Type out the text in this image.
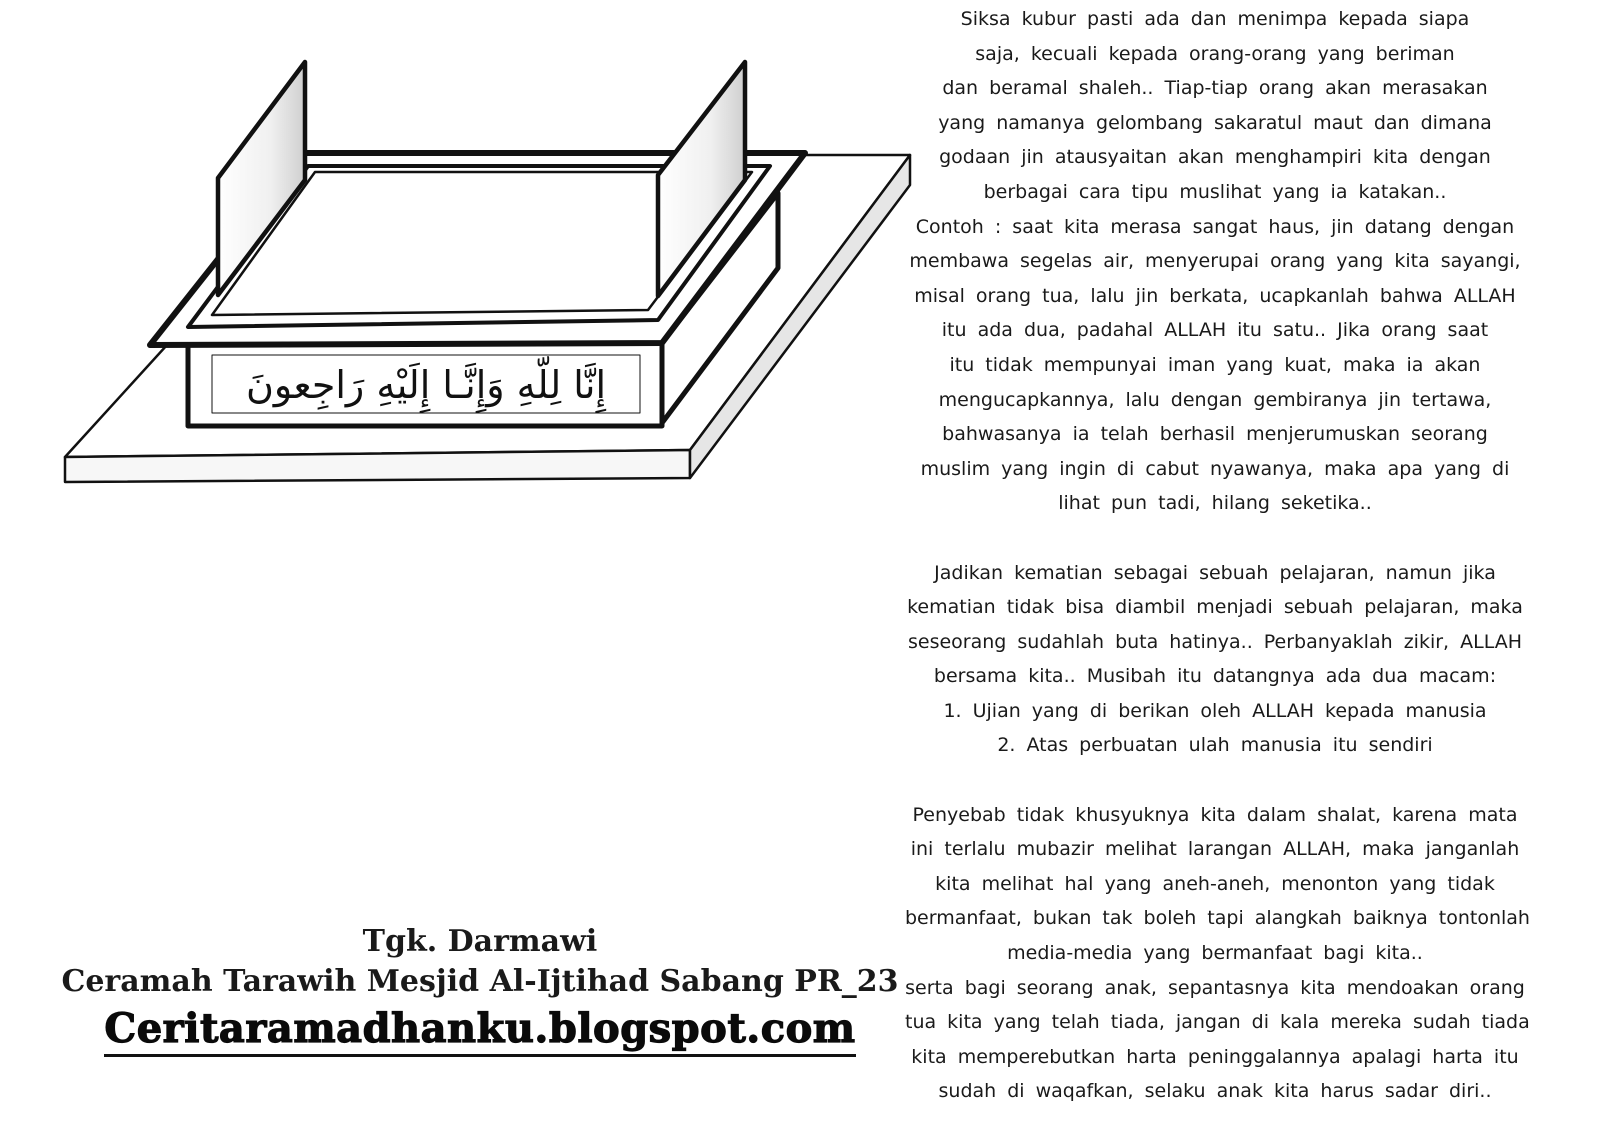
إِنَّا لِلّهِ وَإِنَّـا إِلَيْهِ رَاجِعونَ

Siksa kubur pasti ada dan menimpa kepada siapa
saja, kecuali kepada orang-orang yang beriman
dan beramal shaleh.. Tiap-tiap orang akan merasakan
yang namanya gelombang sakaratul maut dan dimana
godaan jin atausyaitan akan menghampiri kita dengan
berbagai cara tipu muslihat yang ia katakan..
Contoh : saat kita merasa sangat haus, jin datang dengan
membawa segelas air, menyerupai orang yang kita sayangi,
misal orang tua, lalu jin berkata, ucapkanlah bahwa ALLAH
itu ada dua, padahal ALLAH itu satu.. Jika orang saat
itu tidak mempunyai iman yang kuat, maka ia akan
mengucapkannya, lalu dengan gembiranya jin tertawa,
bahwasanya ia telah berhasil menjerumuskan seorang
muslim yang ingin di cabut nyawanya, maka apa yang di
lihat pun tadi, hilang seketika..

Jadikan kematian sebagai sebuah pelajaran, namun jika
kematian tidak bisa diambil menjadi sebuah pelajaran, maka
seseorang sudahlah buta hatinya.. Perbanyaklah zikir, ALLAH
bersama kita.. Musibah itu datangnya ada dua macam:
1. Ujian yang di berikan oleh ALLAH kepada manusia
2. Atas perbuatan ulah manusia itu sendiri

Penyebab tidak khusyuknya kita dalam shalat, karena mata
ini terlalu mubazir melihat larangan ALLAH, maka janganlah
kita melihat hal yang aneh-aneh, menonton yang tidak
bermanfaat, bukan tak boleh tapi alangkah baiknya tontonlah
media-media yang bermanfaat bagi kita..
serta bagi seorang anak, sepantasnya kita mendoakan orang
tua kita yang telah tiada, jangan di kala mereka sudah tiada
kita memperebutkan harta peninggalannya apalagi harta itu
sudah di waqafkan, selaku anak kita harus sadar diri..

Tgk. Darmawi
Ceramah Tarawih Mesjid Al-Ijtihad Sabang PR_23
Ceritaramadhanku.blogspot.com
